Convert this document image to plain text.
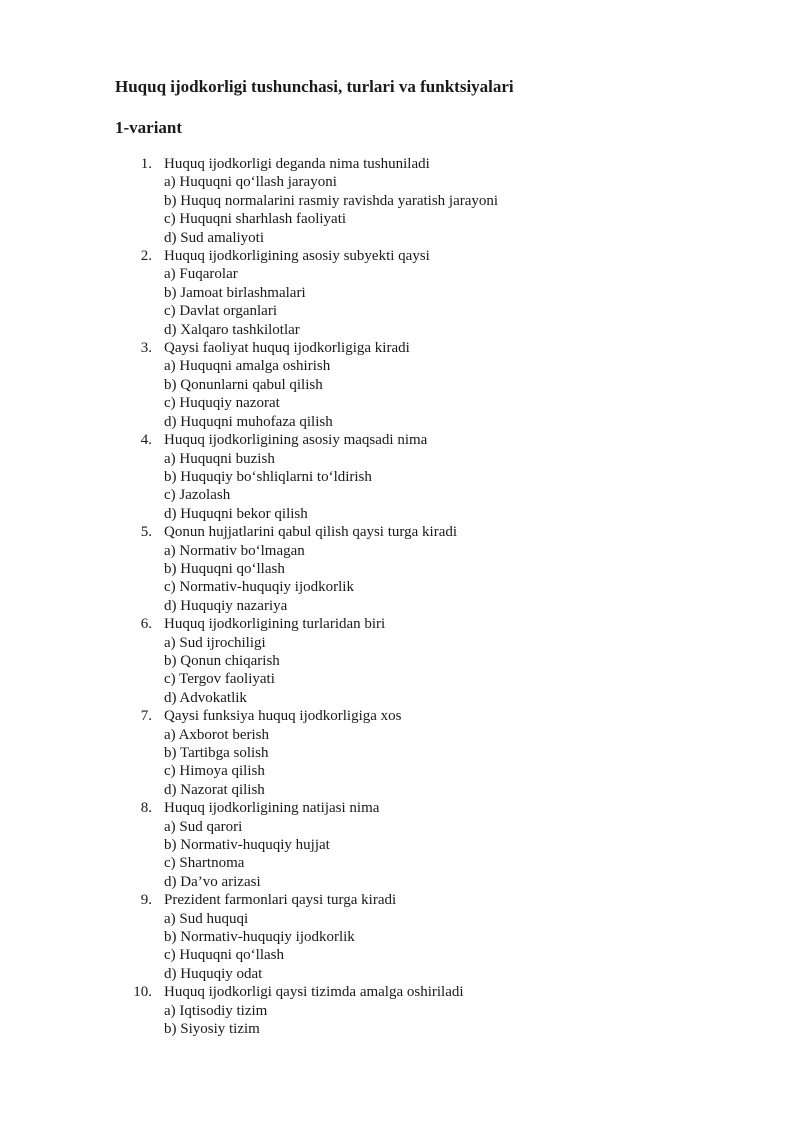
Huquq ijodkorligi tushunchasi, turlari va funktsiyalari
1-variant
1. Huquq ijodkorligi deganda nima tushuniladi
a) Huquqni qo‘llash jarayoni
b) Huquq normalarini rasmiy ravishda yaratish jarayoni
c) Huquqni sharhlash faoliyati
d) Sud amaliyoti
2. Huquq ijodkorligining asosiy subyekti qaysi
a) Fuqarolar
b) Jamoat birlashmalari
c) Davlat organlari
d) Xalqaro tashkilotlar
3. Qaysi faoliyat huquq ijodkorligiga kiradi
a) Huquqni amalga oshirish
b) Qonunlarni qabul qilish
c) Huquqiy nazorat
d) Huquqni muhofaza qilish
4. Huquq ijodkorligining asosiy maqsadi nima
a) Huquqni buzish
b) Huquqiy bo‘shliqlarni to‘ldirish
c) Jazolash
d) Huquqni bekor qilish
5. Qonun hujjatlarini qabul qilish qaysi turga kiradi
a) Normativ bo‘lmagan
b) Huquqni qo‘llash
c) Normativ-huquqiy ijodkorlik
d) Huquqiy nazariya
6. Huquq ijodkorligining turlaridan biri
a) Sud ijrochiligi
b) Qonun chiqarish
c) Tergov faoliyati
d) Advokatlik
7. Qaysi funksiya huquq ijodkorligiga xos
a) Axborot berish
b) Tartibga solish
c) Himoya qilish
d) Nazorat qilish
8. Huquq ijodkorligining natijasi nima
a) Sud qarori
b) Normativ-huquqiy hujjat
c) Shartnoma
d) Da’vo arizasi
9. Prezident farmonlari qaysi turga kiradi
a) Sud huquqi
b) Normativ-huquqiy ijodkorlik
c) Huquqni qo‘llash
d) Huquqiy odat
10. Huquq ijodkorligi qaysi tizimda amalga oshiriladi
a) Iqtisodiy tizim
b) Siyosiy tizim
